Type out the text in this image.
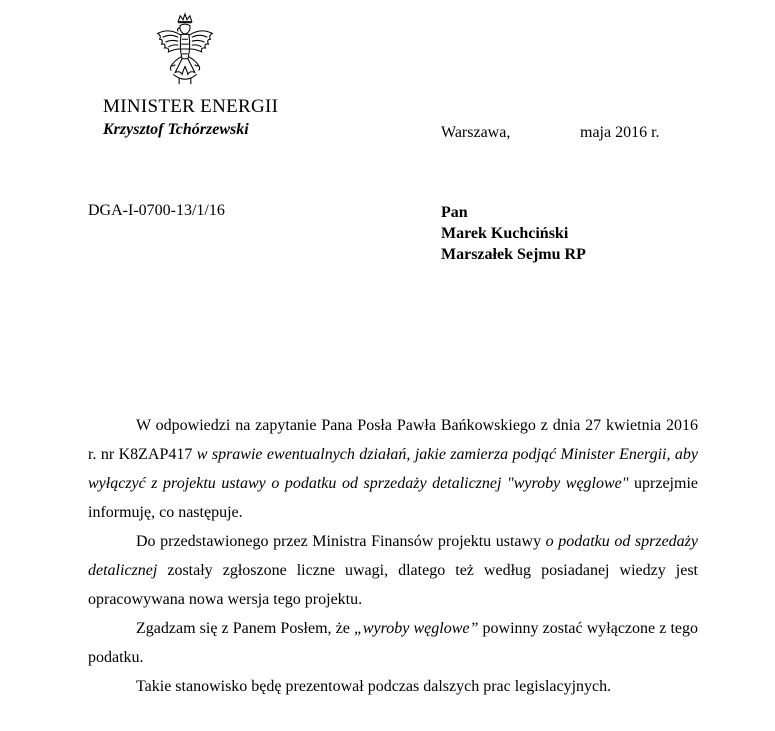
MINISTER ENERGII
Krzysztof Tchórzewski	Warszawa,	maja 2016 r.
DGA-I-0700-13/1/16	Pan
Marek Kuchciński
Marszałek Sejmu RP

W odpowiedzi na zapytanie Pana Posła Pawła Bańkowskiego z dnia 27 kwietnia 2016 r. nr K8ZAP417 w sprawie ewentualnych działań, jakie zamierza podjąć Minister Energii, aby wyłączyć z projektu ustawy o podatku od sprzedaży detalicznej "wyroby węglowe" uprzejmie informuję, co następuje.

Do przedstawionego przez Ministra Finansów projektu ustawy o podatku od sprzedaży detalicznej zostały zgłoszone liczne uwagi, dlatego też według posiadanej wiedzy jest opracowywana nowa wersja tego projektu.

Zgadzam się z Panem Posłem, że „wyroby węglowe” powinny zostać wyłączone z tego podatku.

Takie stanowisko będę prezentował podczas dalszych prac legislacyjnych.
